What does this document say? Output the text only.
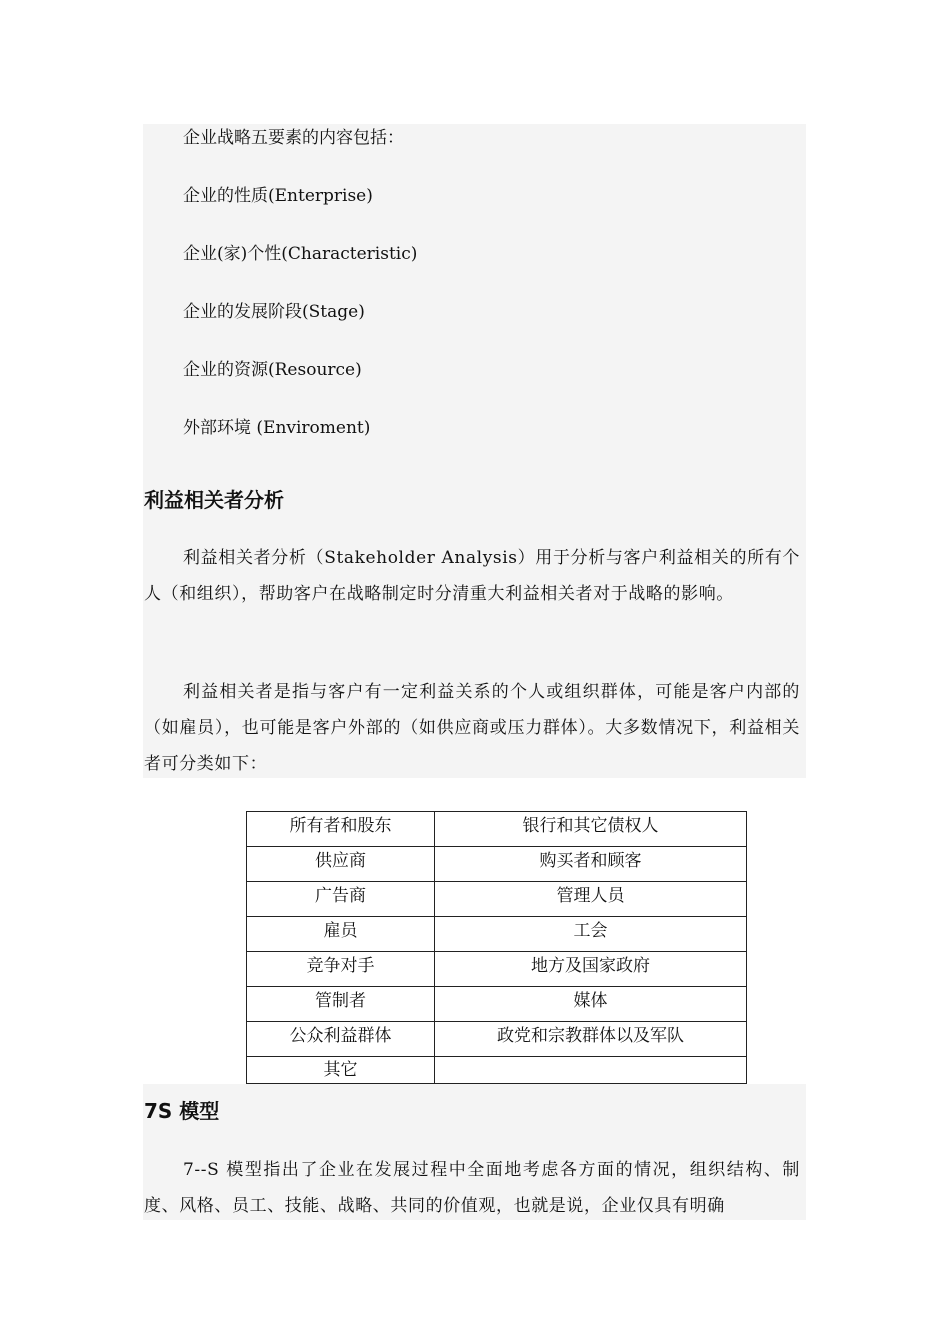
企业战略五要素的内容包括：
企业的性质(Enterprise)
企业(家)个性(Characteristic)
企业的发展阶段(Stage)
企业的资源(Resource)
外部环境 (Enviroment)
利益相关者分析
利益相关者分析（Stakeholder Analysis）用于分析与客户利益相关的所有个人（和组织），帮助客户在战略制定时分清重大利益相关者对于战略的影响。
利益相关者是指与客户有一定利益关系的个人或组织群体，可能是客户内部的（如雇员），也可能是客户外部的（如供应商或压力群体）。大多数情况下，利益相关者可分类如下：
所有者和股东	银行和其它债权人
供应商	购买者和顾客
广告商	管理人员
雇员	工会
竞争对手	地方及国家政府
管制者	媒体
公众利益群体	政党和宗教群体以及军队
其它	
7S 模型
7--S 模型指出了企业在发展过程中全面地考虑各方面的情况，组织结构、制度、风格、员工、技能、战略、共同的价值观，也就是说，企业仅具有明确
